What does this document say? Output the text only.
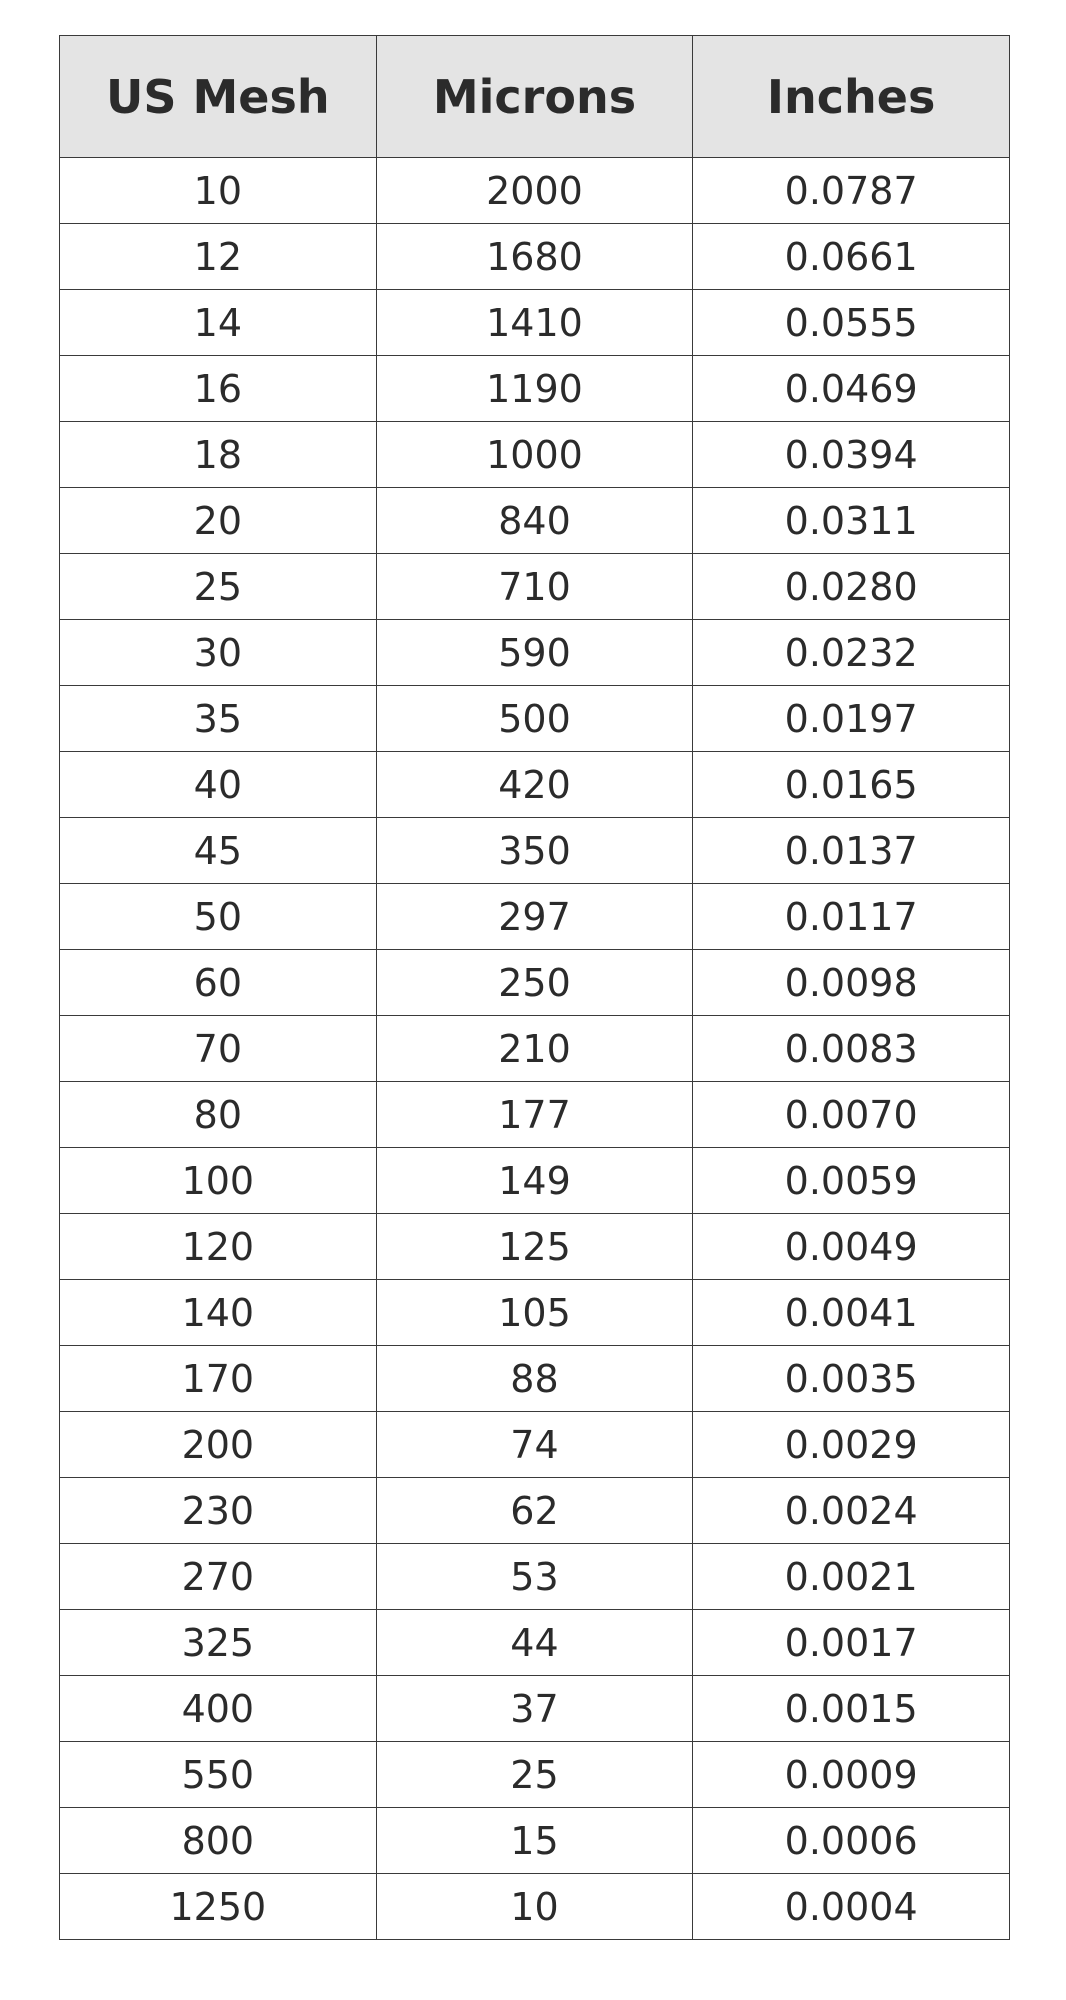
US Mesh	Microns	Inches
10	2000	0.0787
12	1680	0.0661
14	1410	0.0555
16	1190	0.0469
18	1000	0.0394
20	840	0.0311
25	710	0.0280
30	590	0.0232
35	500	0.0197
40	420	0.0165
45	350	0.0137
50	297	0.0117
60	250	0.0098
70	210	0.0083
80	177	0.0070
100	149	0.0059
120	125	0.0049
140	105	0.0041
170	88	0.0035
200	74	0.0029
230	62	0.0024
270	53	0.0021
325	44	0.0017
400	37	0.0015
550	25	0.0009
800	15	0.0006
1250	10	0.0004
